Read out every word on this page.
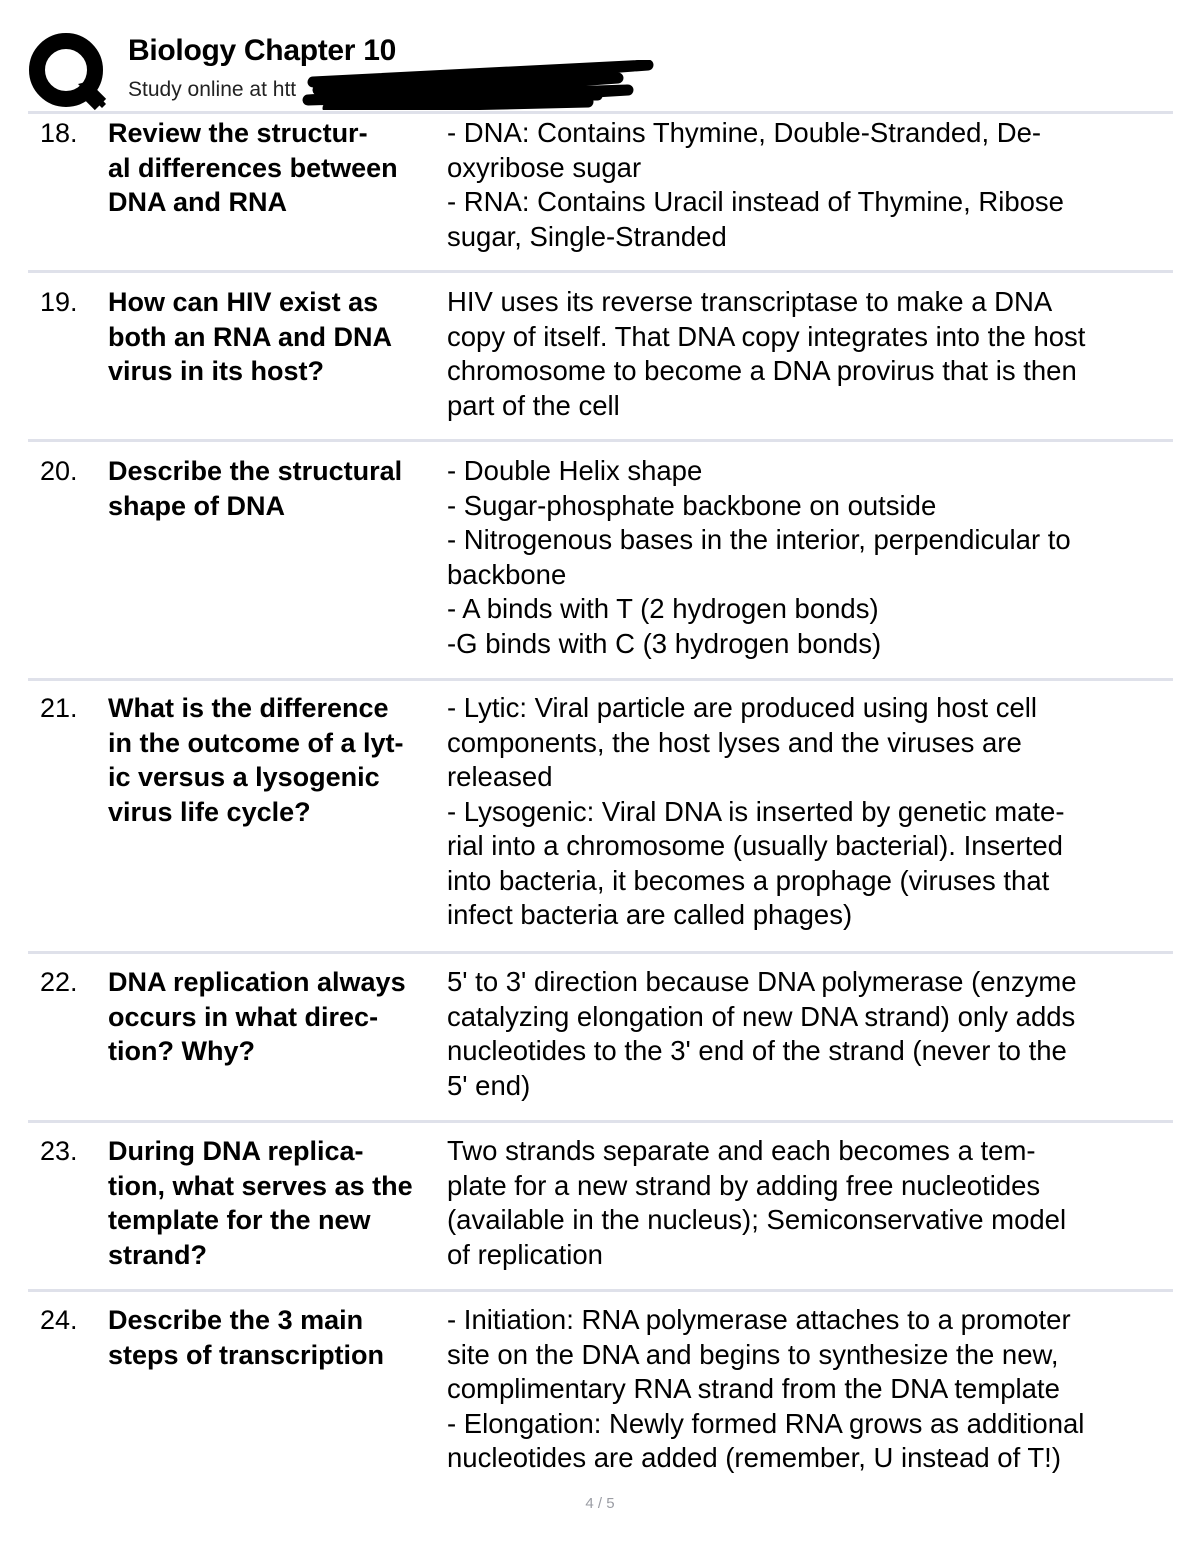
Biology Chapter 10
Study online at htt
18. Review the structur-
al differences between
DNA and RNA
- DNA: Contains Thymine, Double-Stranded, De-
oxyribose sugar
- RNA: Contains Uracil instead of Thymine, Ribose
sugar, Single-Stranded
19. How can HIV exist as
both an RNA and DNA
virus in its host?
HIV uses its reverse transcriptase to make a DNA
copy of itself. That DNA copy integrates into the host
chromosome to become a DNA provirus that is then
part of the cell
20. Describe the structural
shape of DNA
- Double Helix shape
- Sugar-phosphate backbone on outside
- Nitrogenous bases in the interior, perpendicular to
backbone
- A binds with T (2 hydrogen bonds)
-G binds with C (3 hydrogen bonds)
21. What is the difference
in the outcome of a lyt-
ic versus a lysogenic
virus life cycle?
- Lytic: Viral particle are produced using host cell
components, the host lyses and the viruses are
released
- Lysogenic: Viral DNA is inserted by genetic mate-
rial into a chromosome (usually bacterial). Inserted
into bacteria, it becomes a prophage (viruses that
infect bacteria are called phages)
22. DNA replication always
occurs in what direc-
tion? Why?
5' to 3' direction because DNA polymerase (enzyme
catalyzing elongation of new DNA strand) only adds
nucleotides to the 3' end of the strand (never to the
5' end)
23. During DNA replica-
tion, what serves as the
template for the new
strand?
Two strands separate and each becomes a tem-
plate for a new strand by adding free nucleotides
(available in the nucleus); Semiconservative model
of replication
24. Describe the 3 main
steps of transcription
- Initiation: RNA polymerase attaches to a promoter
site on the DNA and begins to synthesize the new,
complimentary RNA strand from the DNA template
- Elongation: Newly formed RNA grows as additional
nucleotides are added (remember, U instead of T!)
4 / 5
